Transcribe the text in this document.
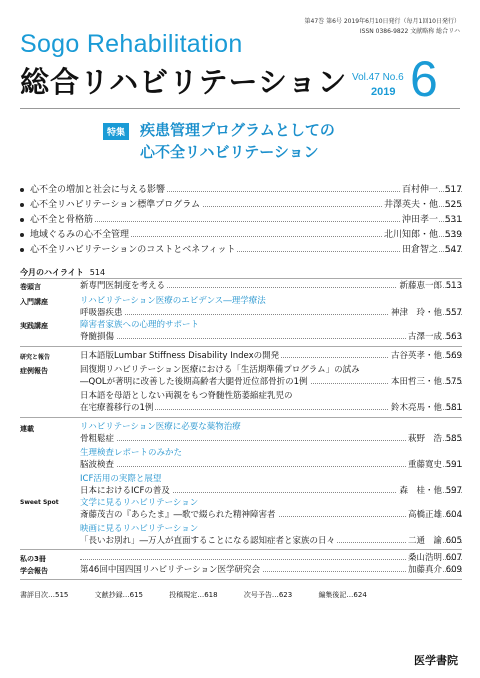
第47巻 第6号 2019年6月10日発行（毎月1回10日発行）
ISSN 0386-9822 文献略称 総合リハ
Sogo Rehabilitation
総合リハビリテーション Vol.47 No.6
2019 6
特集 疾患管理プログラムとしての
心不全リハビリテーション
心不全の増加と社会に与える影響	百村伸一 517
心不全リハビリテーション標準プログラム	井澤英夫・他 525
心不全と骨格筋	沖田孝一 531
地域ぐるみの心不全管理	北川知郎・他 539
心不全リハビリテーションのコストとベネフィット	田倉智之 547
今月のハイライト 514
巻頭言	新専門医制度を考える	新藤恵一郎 513
入門講座	リハビリテーション医療のエビデンス―理学療法
呼吸器疾患	神津　玲・他 557
実践講座	障害者家族への心理的サポート
脊髄損傷	古澤一成 563
研究と報告	日本語版Lumbar Stiffness Disability Indexの開発	古谷英孝・他 569
症例報告	回復期リハビリテーション医療における「生活期準備プログラム」の試み
―QOLが著明に改善した後期高齢者大腿骨近位部骨折の1例	本田哲三・他 575
日本語を母語としない両親をもつ脊髄性筋萎縮症乳児の
在宅療養移行の1例	鈴木亮馬・他 581
連載	リハビリテーション医療に必要な薬物治療
骨粗鬆症	萩野　浩 585
生理検査レポートのみかた
脳波検査	重藤寛史 591
ICF活用の実際と展望
日本におけるICFの普及	森　桂・他 597
Sweet Spot	文学に見るリハビリテーション
斎藤茂吉の『あらたま』―歌で綴られた精神障害者	高橋正雄 604
映画に見るリハビリテーション
「長いお別れ」―万人が直面することになる認知症者と家族の日々	二通　諭 605
私の3冊	桑山浩明 607
学会報告	第46回中国四国リハビリテーション医学研究会	加藤真介 609
書評目次…515	文献抄録…615	投稿規定…618	次号予告…623	編集後記…624
医学書院
